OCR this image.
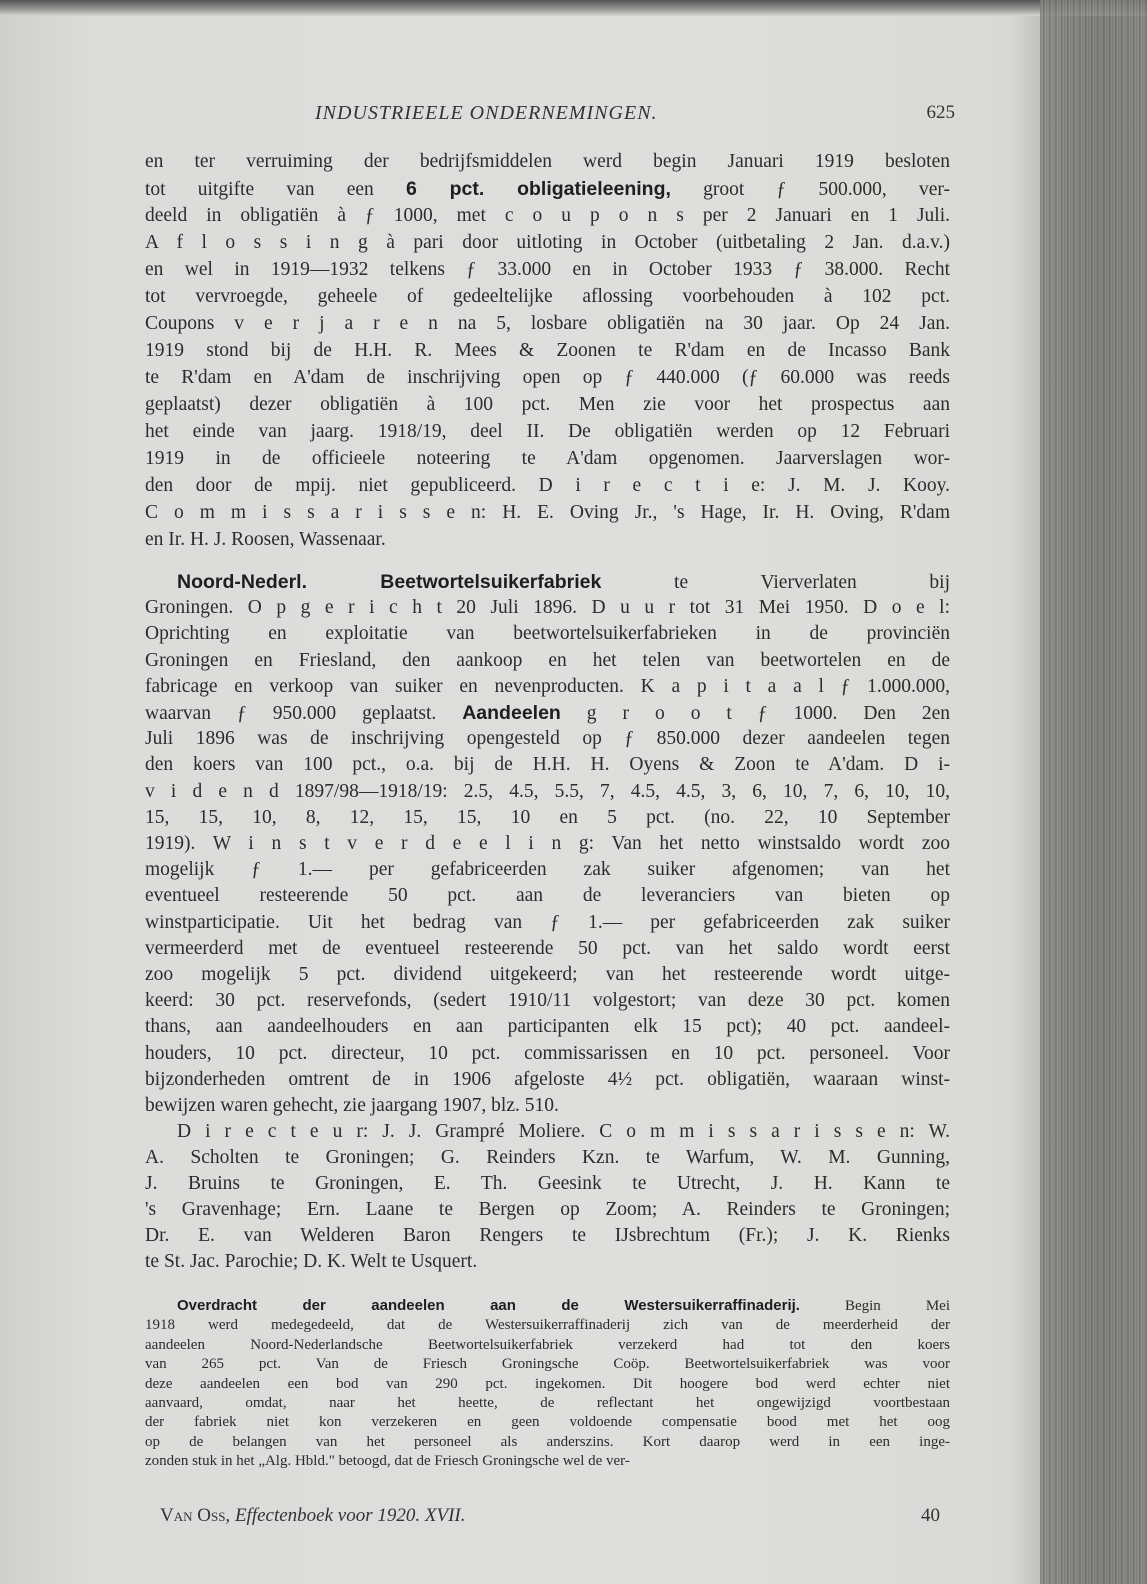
INDUSTRIEELE ONDERNEMINGEN.	625
en ter verruiming der bedrijfsmiddelen werd begin Januari 1919 besloten
tot uitgifte van een 6 pct. obligatieleening, groot ƒ 500.000, ver-
deeld in obligatiën à ƒ 1000, met c o u p o n s per 2 Januari en 1 Juli.
A f l o s s i n g à pari door uitloting in October (uitbetaling 2 Jan. d.a.v.)
en wel in 1919—1932 telkens ƒ 33.000 en in October 1933 ƒ 38.000. Recht
tot vervroegde, geheele of gedeeltelijke aflossing voorbehouden à 102 pct.
Coupons v e r j a r e n na 5, losbare obligatiën na 30 jaar. Op 24 Jan.
1919 stond bij de H.H. R. Mees & Zoonen te R'dam en de Incasso Bank
te R'dam en A'dam de inschrijving open op ƒ 440.000 (ƒ 60.000 was reeds
geplaatst) dezer obligatiën à 100 pct. Men zie voor het prospectus aan
het einde van jaarg. 1918/19, deel II. De obligatiën werden op 12 Februari
1919 in de officieele noteering te A'dam opgenomen. Jaarverslagen wor-
den door de mpij. niet gepubliceerd. D i r e c t i e: J. M. J. Kooy.
C o m m i s s a r i s s e n: H. E. Oving Jr., 's Hage, Ir. H. Oving, R'dam
en Ir. H. J. Roosen, Wassenaar.
Noord-Nederl. Beetwortelsuikerfabriek te Vierverlaten bij
Groningen. O p g e r i c h t 20 Juli 1896. D u u r tot 31 Mei 1950. D o e l:
Oprichting en exploitatie van beetwortelsuikerfabrieken in de provinciën
Groningen en Friesland, den aankoop en het telen van beetwortelen en de
fabricage en verkoop van suiker en nevenproducten. K a p i t a a l ƒ 1.000.000,
waarvan ƒ 950.000 geplaatst. Aandeelen g r o o t ƒ 1000. Den 2en
Juli 1896 was de inschrijving opengesteld op ƒ 850.000 dezer aandeelen tegen
den koers van 100 pct., o.a. bij de H.H. H. Oyens & Zoon te A'dam. D i-
v i d e n d 1897/98—1918/19: 2.5, 4.5, 5.5, 7, 4.5, 4.5, 3, 6, 10, 7, 6, 10, 10,
15, 15, 10, 8, 12, 15, 15, 10 en 5 pct. (no. 22, 10 September
1919). W i n s t v e r d e e l i n g: Van het netto winstsaldo wordt zoo
mogelijk ƒ 1.— per gefabriceerden zak suiker afgenomen; van het
eventueel resteerende 50 pct. aan de leveranciers van bieten op
winstparticipatie. Uit het bedrag van ƒ 1.— per gefabriceerden zak suiker
vermeerderd met de eventueel resteerende 50 pct. van het saldo wordt eerst
zoo mogelijk 5 pct. dividend uitgekeerd; van het resteerende wordt uitge-
keerd: 30 pct. reservefonds, (sedert 1910/11 volgestort; van deze 30 pct. komen
thans, aan aandeelhouders en aan participanten elk 15 pct); 40 pct. aandeel-
houders, 10 pct. directeur, 10 pct. commissarissen en 10 pct. personeel. Voor
bijzonderheden omtrent de in 1906 afgeloste 4½ pct. obligatiën, waaraan winst-
bewijzen waren gehecht, zie jaargang 1907, blz. 510.
D i r e c t e u r: J. J. Grampré Moliere. C o m m i s s a r i s s e n: W.
A. Scholten te Groningen; G. Reinders Kzn. te Warfum, W. M. Gunning,
J. Bruins te Groningen, E. Th. Geesink te Utrecht, J. H. Kann te
's Gravenhage; Ern. Laane te Bergen op Zoom; A. Reinders te Groningen;
Dr. E. van Welderen Baron Rengers te IJsbrechtum (Fr.); J. K. Rienks
te St. Jac. Parochie; D. K. Welt te Usquert.
Overdracht der aandeelen aan de Westersuikerraffinaderij. Begin Mei
1918 werd medegedeeld, dat de Westersuikerraffinaderij zich van de meerderheid der
aandeelen Noord-Nederlandsche Beetwortelsuikerfabriek verzekerd had tot den koers
van 265 pct. Van de Friesch Groningsche Coöp. Beetwortelsuikerfabriek was voor
deze aandeelen een bod van 290 pct. ingekomen. Dit hoogere bod werd echter niet
aanvaard, omdat, naar het heette, de reflectant het ongewijzigd voortbestaan
der fabriek niet kon verzekeren en geen voldoende compensatie bood met het oog
op de belangen van het personeel als anderszins. Kort daarop werd in een inge-
zonden stuk in het „Alg. Hbld." betoogd, dat de Friesch Groningsche wel de ver-
Van Oss, Effectenboek voor 1920. XVII.	40
